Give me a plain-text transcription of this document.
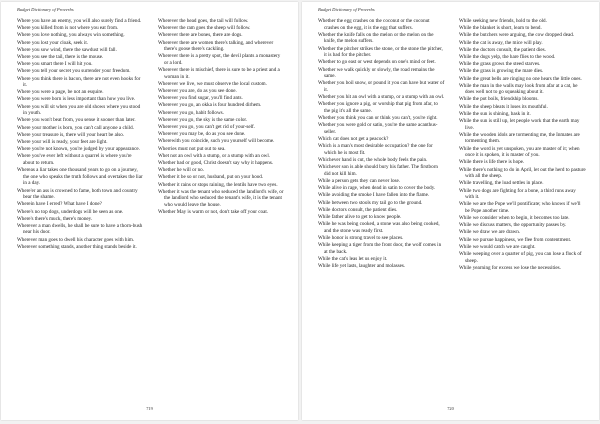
Budget Dictionary of Proverbs

Where you have an enemy, you will also surely find a friend.

Where you killed from is not where you eat from.

Where you love nothing, you always win something.

Where you lost your cloak, seek it.

Where you sow wind, there the sawdust will fall.

Where you see the tail, there is the mouse.

Where you smart there I will hit you.

Where you tell your secret you surrender your freedom.

Where you think there is bacon, there are not even hooks for it.

Where you were a page, be not an esquire.

Where you were born is less important than how you live.

Where you will sit when you are old shows where you stood in youth.

Where you won't beat from, you sense it sooner than later.

Where your mother is born, you can't call anyone a child.

Where your treasure is, there will your heart be also.

Where your will is ready, your feet are light.

Where you're not known, you're judged by your appearance.

Where you've ever left without a quarrel is where you're about to return.

Whereas a liar takes one thousand years to go on a journey, the one who speaks the truth follows and overtakes the liar in a day.

Where'er an ass is crowned to fame, both town and country bear the shame.

Wherein have I erred? What have I done?

Where's no top dogs, underdogs will be seen as one.

Where's there's muck, there's money.

Wherever a man dwells, he shall be sure to have a thorn-bush near his door.

Wherever man goes to dwell his character goes with him.

Wherever something stands, another thing stands beside it.

Wherever the head goes, the tail will follow.

Wherever the ram goes the sheep will follow.

Wherever there are bones, there are dogs.

Wherever there are women there's talking, and wherever there's goose there's cackling.

Wherever there is a pretty spot, the devil plants a monastery or a lord.

Wherever there is mischief, there is sure to be a priest and a woman in it.

Wherever we live, we must observe the local custom.

Wherever you are, do as you see done.

Wherever you find sugar, you'll find ants.

Wherever you go, an okka is four hundred dirhem.

Wherever you go, habit follows.

Wherever you go, the sky is the same color.

Wherever you go, you can't get rid of your-self.

Wherever you may be, do as you see done.

Wherewith you coincide, such you yourself will become.

Wherries must not put out to sea.

Whet not an owl with a stump, or a stump with an owl.

Whether bad or good, Christ doesn't say why it happens.

Whether he will or no.

Whether it be so or not, husband, put on your hood.

Whether it rains or stops raining, the lentils have two eyes.

Whether it was the tenant who seduced the landlord's wife, or the landlord who seduced the tenant's wife, it is the tenant who would leave the house.

Whether May is warm or not, don't take off your coat.

719
Budget Dictionary of Proverbs

Whether the egg crashes on the coconut or the coconut crashes on the egg, it is the egg that suffers.

Whether the knife falls on the melon or the melon on the knife, the melon suffers.

Whether the pitcher strikes the stone, or the stone the pitcher, it is bad for the pitcher.

Whether to go east or west depends on one's mind or feet.

Whether we walk quickly or slowly, the road remains the same.

Whether you boil snow, or pound it you can have but water of it.

Whether you hit an owl with a stump, or a stump with an owl.

Whether you ignore a pig, or worship that pig from afar, to the pig it's all the same.

Whether you think you can or think you can't, you're right.

Whether you were gold or satin, you're the same acanthus-seller.

Which cat does not get a peacock?

Which is a man's most desirable occupation? the one for which he is most fit.

Whichever hand is cut, the whole body feels the pain.

Whichever son is able should bury his father. The firstborn did not kill him.

While a person gets they can never lose.

While alive in rage, when dead in satin to cover the body.

While avoiding the smoke I have fallen into the flame.

While between two stools my tail go to the ground.

While doctors consult, the patient dies.

While father alive to get to know people.

While he was being cooked, a stone was also being cooked, and the stone was ready first.

While honor is strong travel to see places.

While keeping a tiger from the front door, the wolf comes in at the back.

While the cat's leas let us enjoy it.

While life yet lasts, laughter and molasses.

While seeking new friends, hold to the old.

While the blanket is short, learn to bend.

While the butchers were arguing, the cow dropped dead.

While the cat is away, the mice will play.

While the doctors consult, the patient dies.

While the dogs yelp, the hare flies to the wood.

While the grass grows the steed starves.

While the grass is growing the mare dies.

While the great bells are ringing no one hears the little ones.

While the man in the walls may look from afar at a cat, he does well not to go squeaking about it.

While the pot boils, friendship blooms.

While the sheep bleats it loses its mouthful.

While the sun is shining, bask in it.

While the sun is still up, let people work that the earth may live.

While the wooden idols are tormenting me, the Inmates are tormenting them.

While the word is yet unspoken, you are master of it; when once it is spoken, it is master of you.

While there is life there is hope.

While there's nothing to do in April, let out the herd to pasture with all the sheep.

While travelling, the load settles in place.

While two dogs are fighting for a bone, a third runs away with it.

While we are the Pope we'll pontificate; who knows if we'll be Pope another time.

While we consider when to begin, it becomes too late.

While we discuss matters, the opportunity passes by.

While we draw we are drawn.

While we pursue happiness, we flee from contentment.

While we would catch we are caught.

While weeping over a quarter of pig, you can lose a flock of sheep.

While yearning for excess we lose the necessities.

720
